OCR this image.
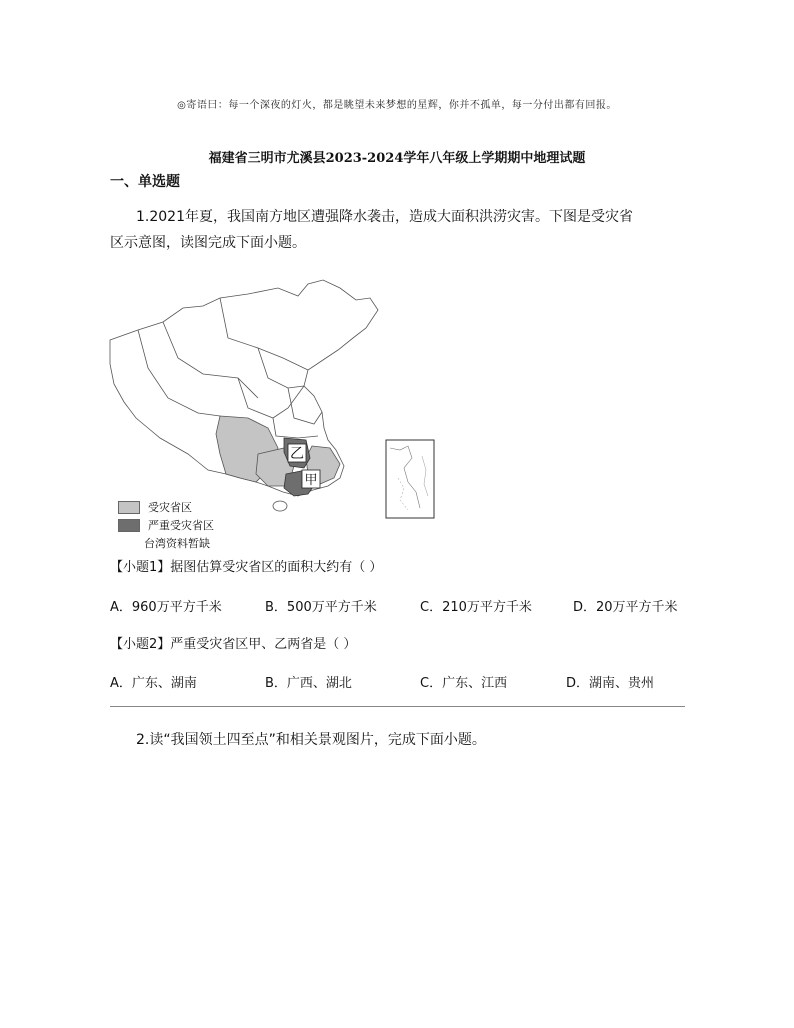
◎寄语曰：每一个深夜的灯火，都是眺望未来梦想的星辉，你并不孤单，每一分付出都有回报。
福建省三明市尤溪县2023-2024学年八年级上学期期中地理试题
一、单选题
1.2021年夏，我国南方地区遭强降水袭击，造成大面积洪涝灾害。下图是受灾省
区示意图，读图完成下面小题。
乙
甲
受灾省区
严重受灾省区
台湾资料暂缺
【小题1】据图估算受灾省区的面积大约有（ ）
A．960万平方千米	B．500万平方千米	C．210万平方千米	D．20万平方千米
【小题2】严重受灾省区甲、乙两省是（ ）
A．广东、湖南	B．广西、湖北	C．广东、江西	D．湖南、贵州
2.读“我国领土四至点”和相关景观图片，完成下面小题。
